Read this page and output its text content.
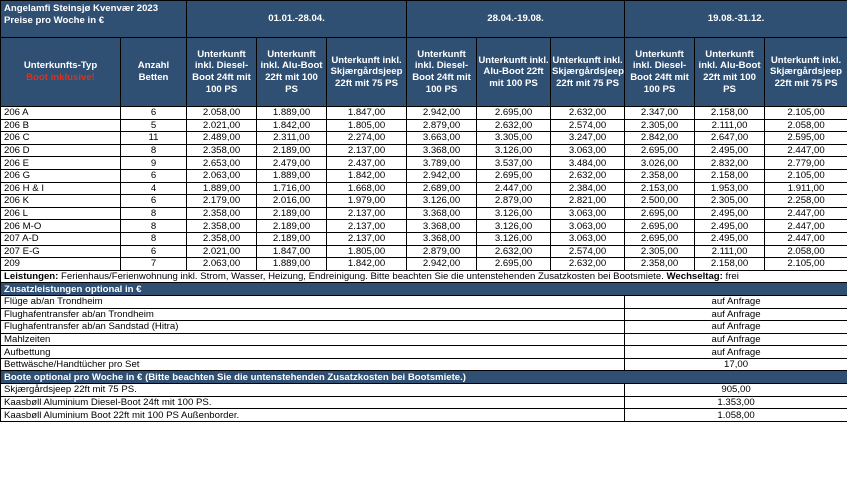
Angelamfi Steinsjø Kvenvær 2023
Preise pro Woche in €		01.01.-28.04.			28.04.-19.08.			19.08.-31.12.		
Unterkunfts-Typ
Boot inklusive!	Anzahl Betten	Unterkunft inkl. Diesel-Boot 24ft mit 100 PS	Unterkunft inkl. Alu-Boot 22ft mit 100 PS	Unterkunft inkl. Skjærgårdsjeep 22ft mit 75 PS	Unterkunft inkl. Diesel-Boot 24ft mit 100 PS	Unterkunft inkl. Alu-Boot 22ft mit 100 PS	Unterkunft inkl. Skjærgårdsjeep 22ft mit 75 PS	Unterkunft inkl. Diesel-Boot 24ft mit 100 PS	Unterkunft inkl. Alu-Boot 22ft mit 100 PS	Unterkunft inkl. Skjærgårdsjeep 22ft mit 75 PS
206 A	6	2.058,00	1.889,00	1.847,00	2.942,00	2.695,00	2.632,00	2.347,00	2.158,00	2.105,00
206 B	5	2.021,00	1.842,00	1.805,00	2.879,00	2.632,00	2.574,00	2.305,00	2.111,00	2.058,00
206 C	11	2.489,00	2.311,00	2.274,00	3.663,00	3.305,00	3.247,00	2.842,00	2.647,00	2.595,00
206 D	8	2.358,00	2.189,00	2.137,00	3.368,00	3.126,00	3.063,00	2.695,00	2.495,00	2.447,00
206 E	9	2.653,00	2.479,00	2.437,00	3.789,00	3.537,00	3.484,00	3.026,00	2.832,00	2.779,00
206 G	6	2.063,00	1.889,00	1.842,00	2.942,00	2.695,00	2.632,00	2.358,00	2.158,00	2.105,00
206 H & I	4	1.889,00	1.716,00	1.668,00	2.689,00	2.447,00	2.384,00	2.153,00	1.953,00	1.911,00
206 K	6	2.179,00	2.016,00	1.979,00	3.126,00	2.879,00	2.821,00	2.500,00	2.305,00	2.258,00
206 L	8	2.358,00	2.189,00	2.137,00	3.368,00	3.126,00	3.063,00	2.695,00	2.495,00	2.447,00
206 M-O	8	2.358,00	2.189,00	2.137,00	3.368,00	3.126,00	3.063,00	2.695,00	2.495,00	2.447,00
207 A-D	8	2.358,00	2.189,00	2.137,00	3.368,00	3.126,00	3.063,00	2.695,00	2.495,00	2.447,00
207 E-G	6	2.021,00	1.847,00	1.805,00	2.879,00	2.632,00	2.574,00	2.305,00	2.111,00	2.058,00
209	7	2.063,00	1.889,00	1.842,00	2.942,00	2.695,00	2.632,00	2.358,00	2.158,00	2.105,00
Leistungen: Ferienhaus/Ferienwohnung inkl. Strom, Wasser, Heizung, Endreinigung. Bitte beachten Sie die untenstehenden Zusatzkosten bei Bootsmiete. Wechseltag: frei										
Zusatzleistungen optional in €										
Flüge ab/an Trondheim								auf Anfrage		
Flughafentransfer ab/an Trondheim								auf Anfrage		
Flughafentransfer ab/an Sandstad (Hitra)								auf Anfrage		
Mahlzeiten								auf Anfrage		
Aufbettung								auf Anfrage		
Bettwäsche/Handtücher pro Set								17,00		
Boote optional pro Woche in € (Bitte beachten Sie die untenstehenden Zusatzkosten bei Bootsmiete.)										
Skjærgårdsjeep 22ft mit 75 PS.								905,00		
Kaasbøll Aluminium Diesel-Boot 24ft mit 100 PS.								1.353,00		
Kaasbøll Aluminium Boot 22ft mit 100 PS Außenborder.								1.058,00		
